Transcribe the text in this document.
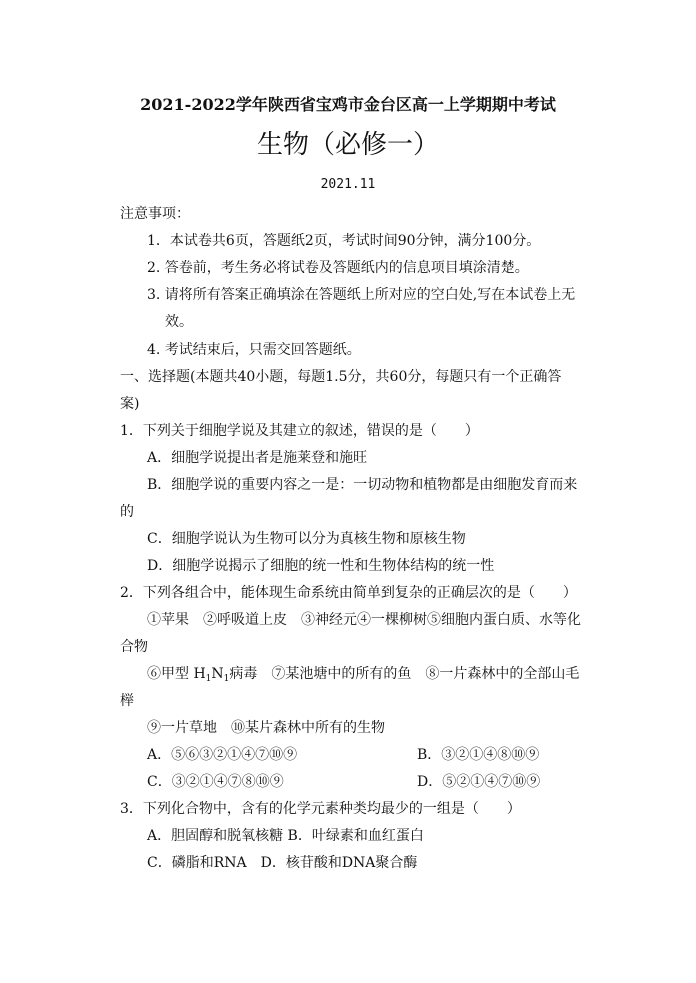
2021-2022学年陕西省宝鸡市金台区高一上学期期中考试
生物（必修一）
2021.11
注意事项：
1．本试卷共6页，答题纸2页，考试时间90分钟，满分100分。
2. 答卷前，考生务必将试卷及答题纸内的信息项目填涂清楚。
3. 请将所有答案正确填涂在答题纸上所对应的空白处,写在本试卷上无
效。
4. 考试结束后，只需交回答题纸。
一、选择题(本题共40小题，每题1.5分，共60分，每题只有一个正确答
案)
1．下列关于细胞学说及其建立的叙述，错误的是（　　）
A．细胞学说提出者是施莱登和施旺
B．细胞学说的重要内容之一是：一切动物和植物都是由细胞发育而来
的
C．细胞学说认为生物可以分为真核生物和原核生物
D．细胞学说揭示了细胞的统一性和生物体结构的统一性
2．下列各组合中，能体现生命系统由简单到复杂的正确层次的是（　　）
①苹果　②呼吸道上皮　③神经元④一棵柳树⑤细胞内蛋白质、水等化
合物
⑥甲型 $H_1N_1$病毒　⑦某池塘中的所有的鱼　⑧一片森林中的全部山毛
榉
⑨一片草地　⑩某片森林中所有的生物
A．⑤⑥③②①④⑦⑩⑨	B．③②①④⑧⑩⑨
C．③②①④⑦⑧⑩⑨	D．⑤②①④⑦⑩⑨
3．下列化合物中，含有的化学元素种类均最少的一组是（　　）
A．胆固醇和脱氧核糖 B．叶绿素和血红蛋白
C．磷脂和RNA　D．核苷酸和DNA聚合酶
